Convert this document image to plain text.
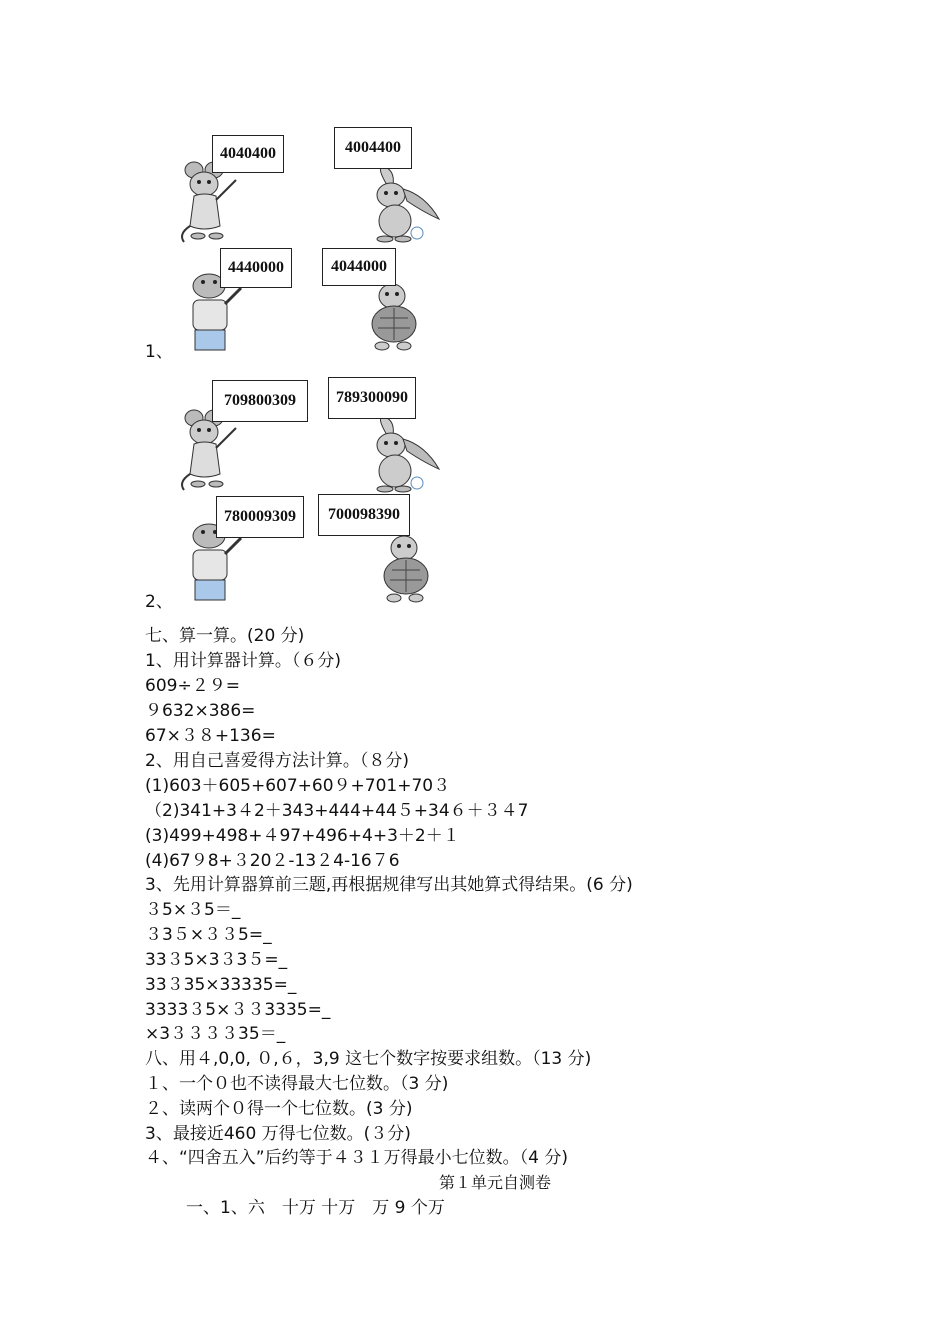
4040400	4004400
4440000	4044000
1、
709800309	789300090
780009309	700098390
2、
七、算一算。(20 分)
1、用计算器计算。（６分)
609÷２９=
９632×386=
67×３８+136=
2、用自己喜爱得方法计算。（８分)
(1)603＋605+607+60９+701+70３
（2)341+3４2＋343+444+44５+34６＋３４7
(3)499+498+４97+496+4+3＋2＋１
(4)67９8+３20２-13２4-16７6
3、先用计算器算前三题,再根据规律写出其她算式得结果。(6 分)
３5×３5＝_
３3５×３３5=_
33３5×3３3５=_
33３35×33335=_
3333３5×３３3335=_
×3３３３３35＝_
八、用４,0,0, ０,６，3,9 这七个数字按要求组数。（13 分)
１、一个０也不读得最大七位数。（3 分)
２、读两个０得一个七位数。(3 分)
3、最接近460 万得七位数。(３分)
４、“四舍五入”后约等于４３１万得最小七位数。（4 分)
第１单元自测卷
一、1、六　十万 十万　万 9 个万
